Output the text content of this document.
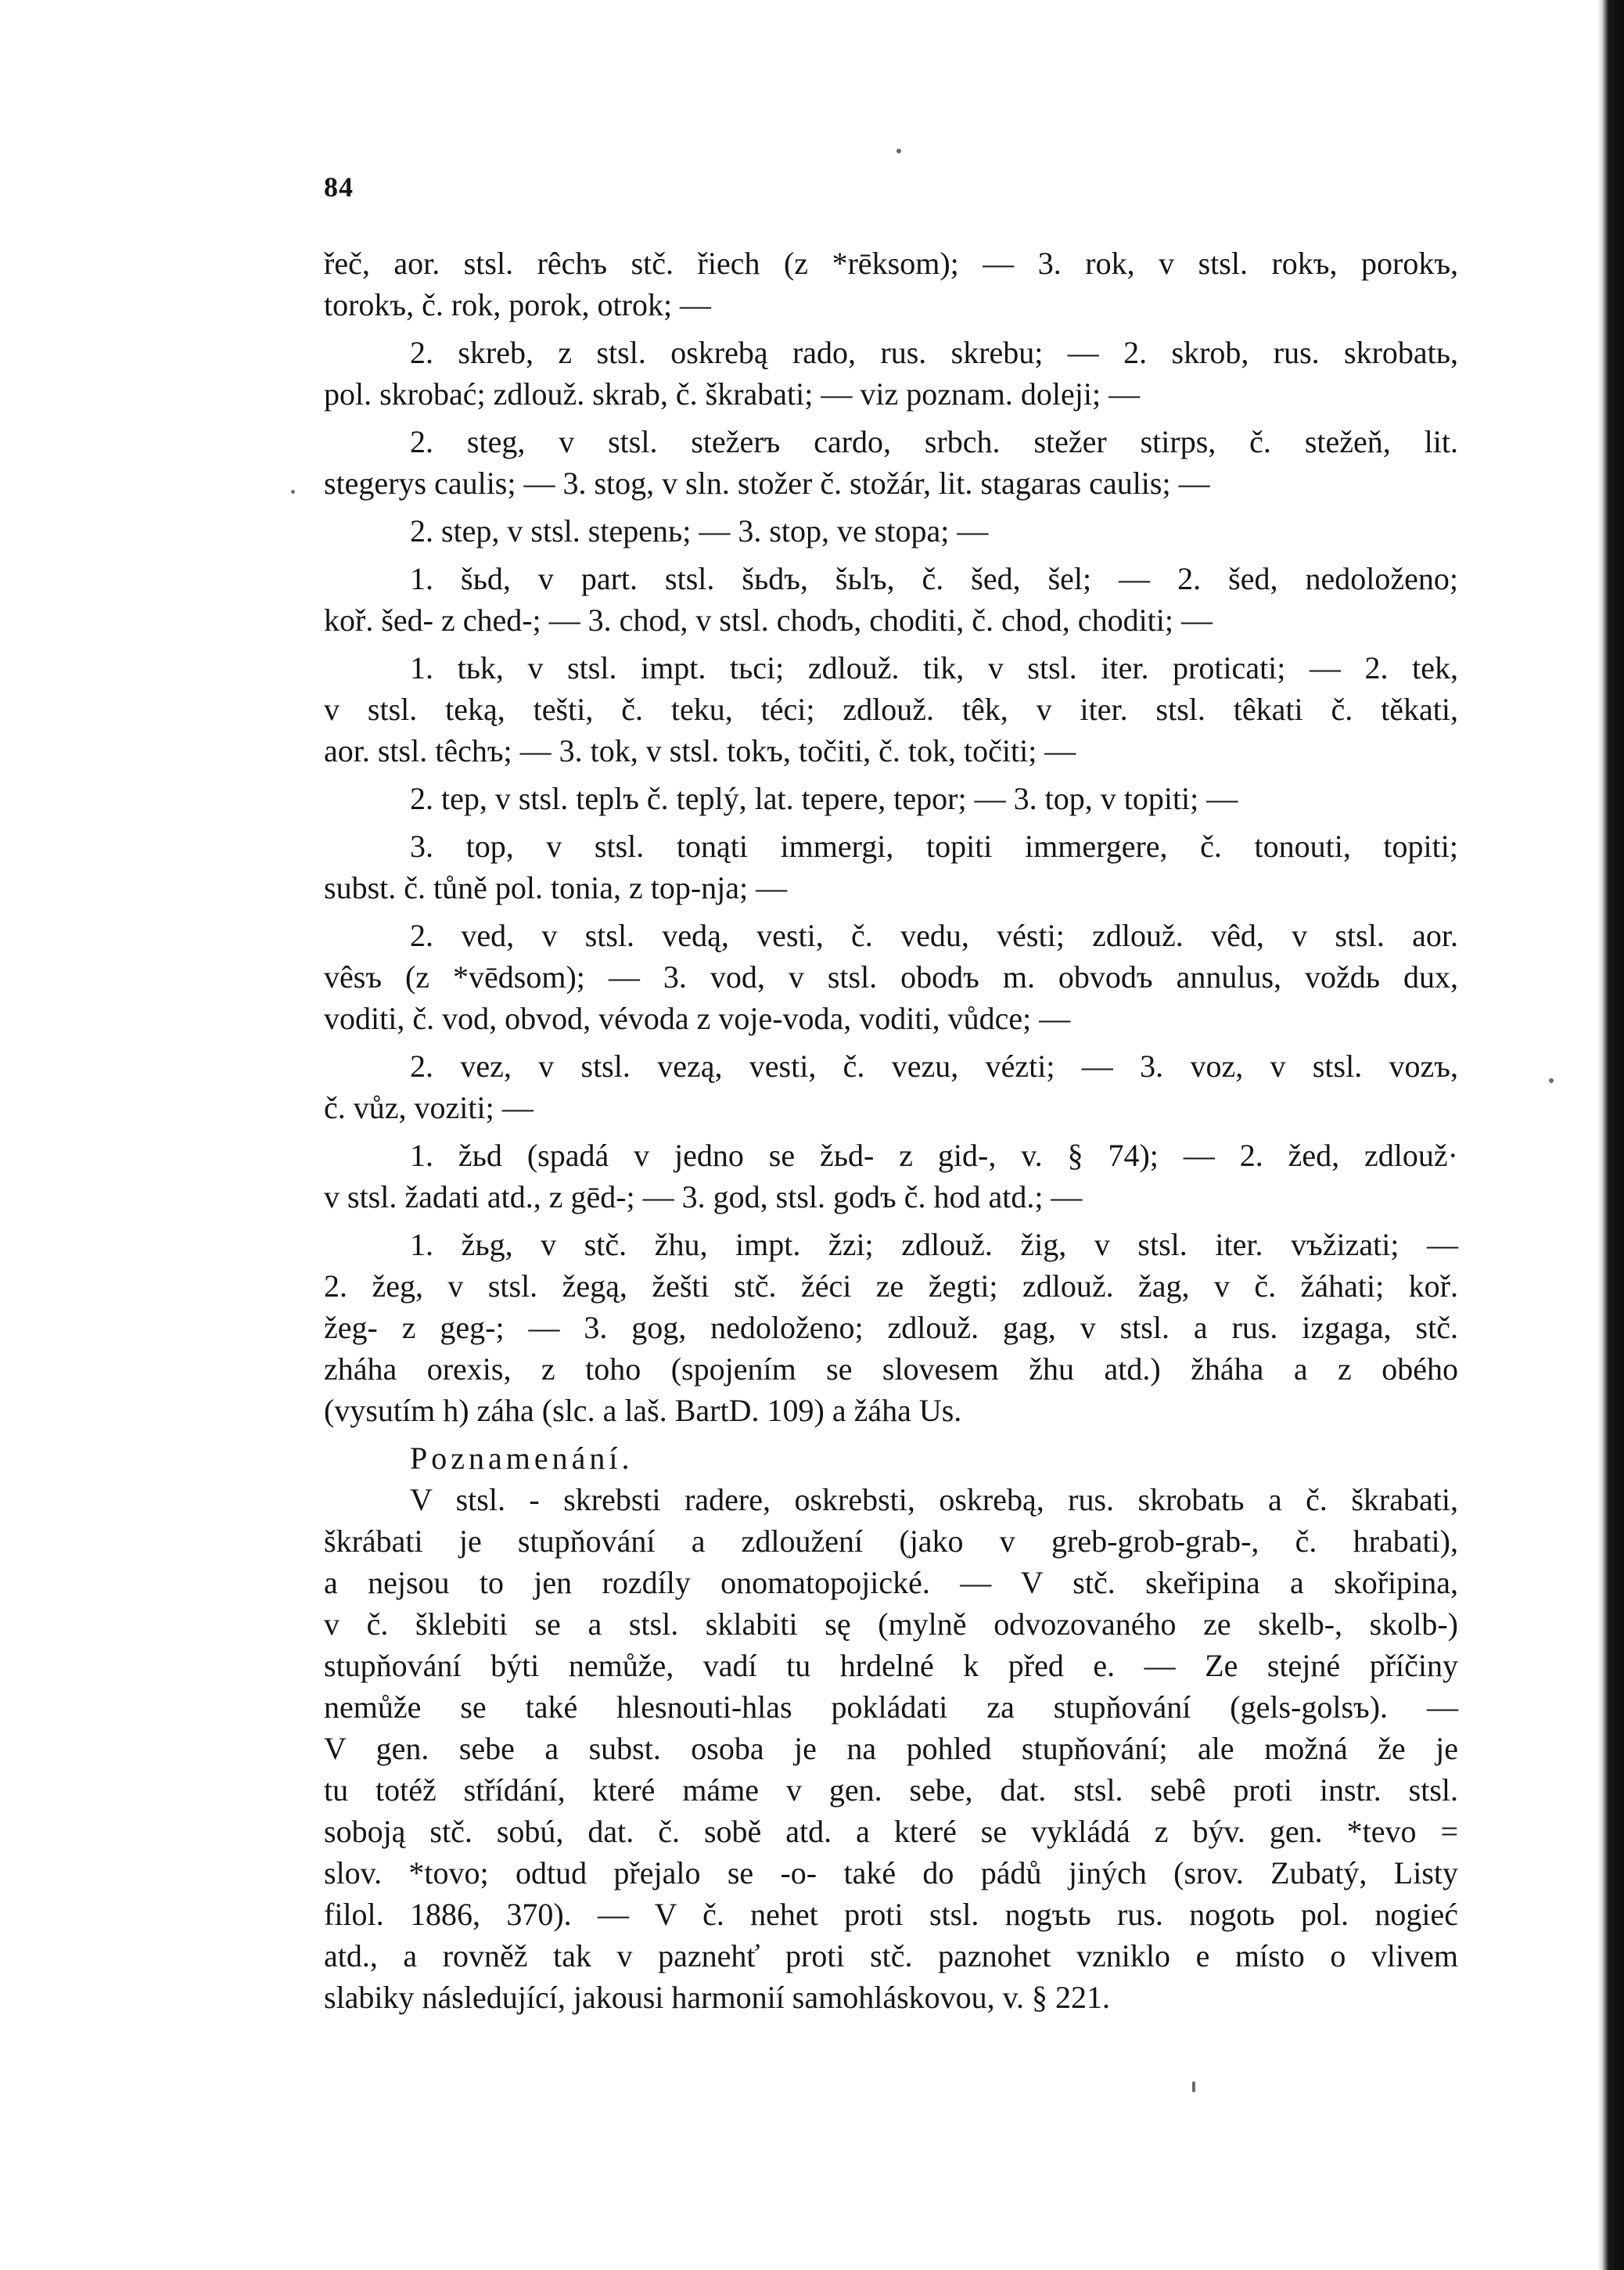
84
řeč, aor. stsl. rêchъ stč. řiech (z *rēksom); — 3. rok, v stsl. rokъ, porokъ,
torokъ, č. rok, porok, otrok; —
2. skreb, z stsl. oskrebą rado, rus. skrebu; — 2. skrob, rus. skrobatь,
pol. skrobać; zdlouž. skrab, č. škrabati; — viz poznam. doleji; —
2. steg, v stsl. stežerъ cardo, srbch. stežer stirps, č. stežeň, lit.
stegerys caulis; — 3. stog, v sln. stožer č. stožár, lit. stagaras caulis; —
2. step, v stsl. stepenь; — 3. stop, ve stopa; —
1. šьd, v part. stsl. šьdъ, šьlъ, č. šed, šel; — 2. šed, nedoloženo;
koř. šed- z ched-; — 3. chod, v stsl. chodъ, choditi, č. chod, choditi; —
1. tьk, v stsl. impt. tьci; zdlouž. tik, v stsl. iter. proticati; — 2. tek,
v stsl. teką, tešti, č. teku, téci; zdlouž. têk, v iter. stsl. têkati č. těkati,
aor. stsl. têchъ; — 3. tok, v stsl. tokъ, točiti, č. tok, točiti; —
2. tep, v stsl. teplъ č. teplý, lat. tepere, tepor; — 3. top, v topiti; —
3. top, v stsl. tonąti immergi, topiti immergere, č. tonouti, topiti;
subst. č. tůně pol. tonia, z top-nja; —
2. ved, v stsl. vedą, vesti, č. vedu, vésti; zdlouž. vêd, v stsl. aor.
vêsъ (z *vēdsom); — 3. vod, v stsl. obodъ m. obvodъ annulus, voždь dux,
voditi, č. vod, obvod, vévoda z voje-voda, voditi, vůdce; —
2. vez, v stsl. vezą, vesti, č. vezu, vézti; — 3. voz, v stsl. vozъ,
č. vůz, voziti; —
1. žьd (spadá v jedno se žьd- z gid-, v. § 74); — 2. žed, zdlouž·
v stsl. žadati atd., z gēd-; — 3. god, stsl. godъ č. hod atd.; —
1. žьg, v stč. žhu, impt. žzi; zdlouž. žig, v stsl. iter. vъžizati; —
2. žeg, v stsl. žegą, žešti stč. žéci ze žegti; zdlouž. žag, v č. žáhati; koř.
žeg- z geg-; — 3. gog, nedoloženo; zdlouž. gag, v stsl. a rus. izgaga, stč.
zháha orexis, z toho (spojením se slovesem žhu atd.) žháha a z obého
(vysutím h) záha (slc. a laš. BartD. 109) a žáha Us.
Poznamenání.
V stsl. - skrebsti radere, oskrebsti, oskrebą, rus. skrobatь a č. škrabati,
škrábati je stupňování a zdloužení (jako v greb-grob-grab-, č. hrabati),
a nejsou to jen rozdíly onomatopojické. — V stč. skeřipina a skořipina,
v č. šklebiti se a stsl. sklabiti sę (mylně odvozovaného ze skelb-, skolb-)
stupňování býti nemůže, vadí tu hrdelné k před e. — Ze stejné příčiny
nemůže se také hlesnouti-hlas pokládati za stupňování (gels-golsъ). —
V gen. sebe a subst. osoba je na pohled stupňování; ale možná že je
tu totéž střídání, které máme v gen. sebe, dat. stsl. sebê proti instr. stsl.
soboją stč. sobú, dat. č. sobě atd. a které se vykládá z býv. gen. *tevo =
slov. *tovo; odtud přejalo se -o- také do pádů jiných (srov. Zubatý, Listy
filol. 1886, 370). — V č. nehet proti stsl. nogъtь rus. nogotь pol. nogieć
atd., a rovněž tak v paznehť proti stč. paznohet vzniklo e místo o vlivem
slabiky následující, jakousi harmonií samohláskovou, v. § 221.
